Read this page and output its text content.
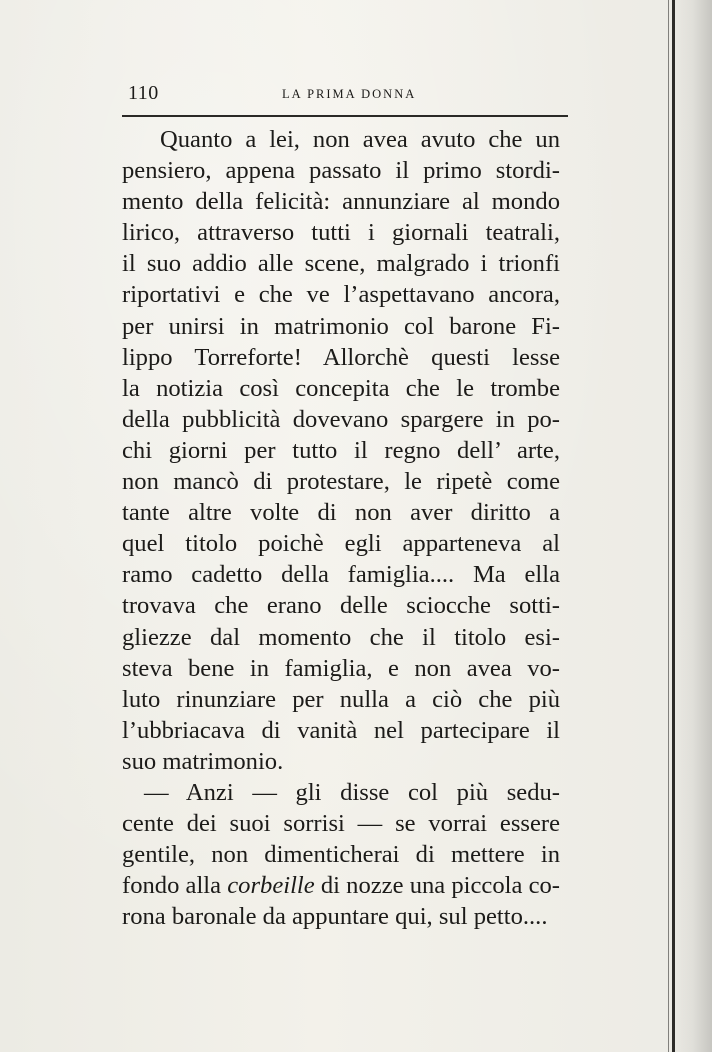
110	LA PRIMA DONNA
Quanto a lei, non avea avuto che un
pensiero, appena passato il primo stordi-
mento della felicità: annunziare al mondo
lirico, attraverso tutti i giornali teatrali,
il suo addio alle scene, malgrado i trionfi
riportativi e che ve l’aspettavano ancora,
per unirsi in matrimonio col barone Fi-
lippo Torreforte! Allorchè questi lesse
la notizia così concepita che le trombe
della pubblicità dovevano spargere in po-
chi giorni per tutto il regno dell’ arte,
non mancò di protestare, le ripetè come
tante altre volte di non aver diritto a
quel titolo poichè egli apparteneva al
ramo cadetto della famiglia.... Ma ella
trovava che erano delle sciocche sotti-
gliezze dal momento che il titolo esi-
steva bene in famiglia, e non avea vo-
luto rinunziare per nulla a ciò che più
l’ubbriacava di vanità nel partecipare il
suo matrimonio.
— Anzi — gli disse col più sedu-
cente dei suoi sorrisi — se vorrai essere
gentile, non dimenticherai di mettere in
fondo alla corbeille di nozze una piccola co-
rona baronale da appuntare qui, sul petto....
